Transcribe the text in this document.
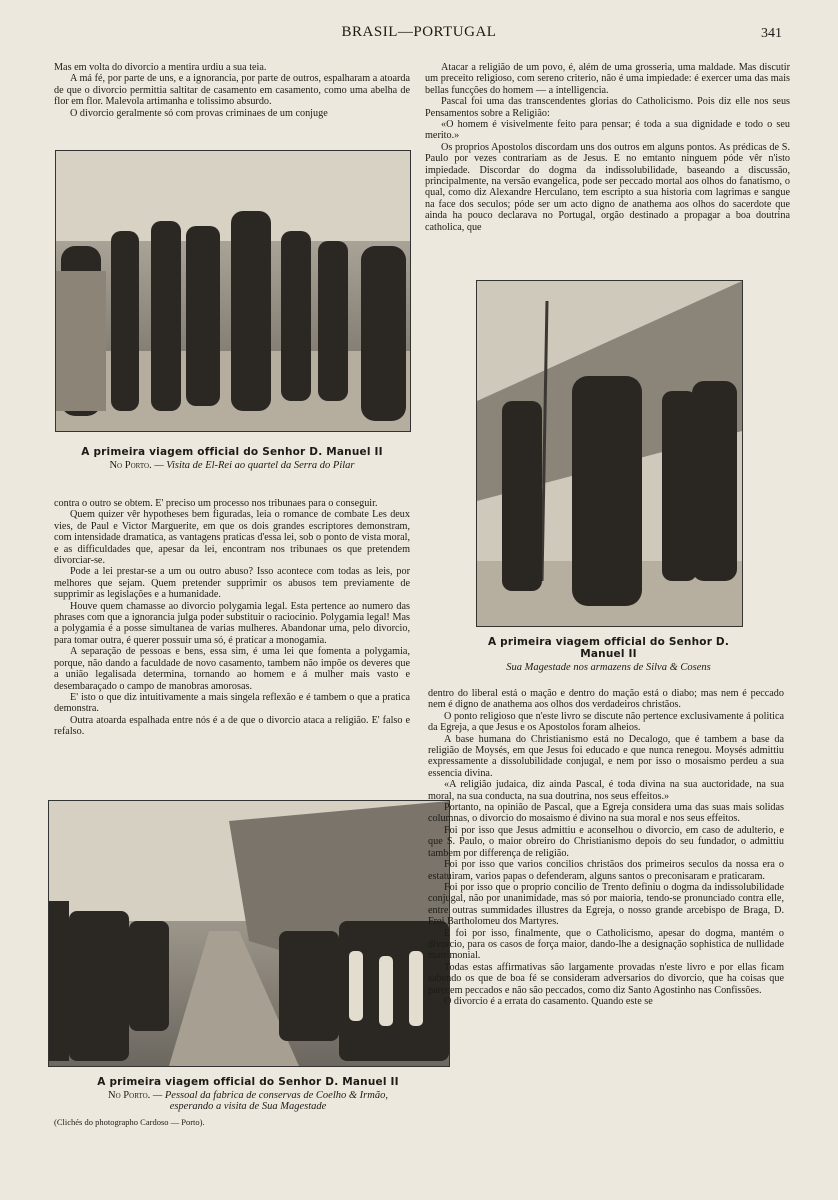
BRASIL—PORTUGAL	341

Mas em volta do divorcio a mentira urdiu a sua teia.

A má fé, por parte de uns, e a ignorancia, por parte de outros, espalharam a atoarda de que o divorcio permittia saltitar de casamento em casamento, como uma abelha de flor em flor. Malevola artimanha e tolissimo absurdo.

O divorcio geralmente só com provas criminaes de um conjuge

A primeira viagem official do Senhor D. Manuel II
No Porto. — Visita de El-Rei ao quartel da Serra do Pilar

contra o outro se obtem. E' preciso um processo nos tribunaes para o conseguir.

Quem quizer vêr hypotheses bem figuradas, leia o romance de combate Les deux vies, de Paul e Victor Marguerite, em que os dois grandes escriptores demonstram, com intensidade dramatica, as vantagens praticas d'essa lei, sob o ponto de vista moral, e as difficuldades que, apesar da lei, encontram nos tribunaes os que pretendem divorciar-se.

Pode a lei prestar-se a um ou outro abuso? Isso acontece com todas as leis, por melhores que sejam. Quem pretender supprimir os abusos tem previamente de supprimir as legislações e a humanidade.

Houve quem chamasse ao divorcio polygamia legal. Esta pertence ao numero das phrases com que a ignorancia julga poder substituir o raciocinio. Polygamia legal! Mas a polygamia é a posse simultanea de varias mulheres. Abandonar uma, pelo divorcio, para tomar outra, é querer possuir uma só, é praticar a monogamia.

A separação de pessoas e bens, essa sim, é uma lei que fomenta a polygamia, porque, não dando a faculdade de novo casamento, tambem não impõe os deveres que a união legalisada determina, tornando ao homem e á mulher mais vasto e desembaraçado o campo de manobras amorosas.

E' isto o que diz intuitivamente a mais singela reflexão e é tambem o que a pratica demonstra.

Outra atoarda espalhada entre nós é a de que o divorcio ataca a religião. E' falso e refalso.

A primeira viagem official do Senhor D. Manuel II
No Porto. — Pessoal da fabrica de conservas de Coelho & Irmão,
esperando a visita de Sua Magestade
(Clichés do photographo Cardoso — Porto).

Atacar a religião de um povo, é, além de uma grosseria, uma maldade. Mas discutir um preceito religioso, com sereno criterio, não é uma impiedade: é exercer uma das mais bellas funcções do homem — a intelligencia.

Pascal foi uma das transcendentes glorias do Catholicismo. Pois diz elle nos seus Pensamentos sobre a Religião:

«O homem é visivelmente feito para pensar; é toda a sua dignidade e todo o seu merito.»

Os proprios Apostolos discordam uns dos outros em alguns pontos. As prédicas de S. Paulo por vezes contrariam as de Jesus. E no emtanto ninguem póde vêr n'isto impiedade. Discordar do dogma da indissolubilidade, baseando a discussão, principalmente, na versão evangelica, pode ser peccado mortal aos olhos do fanatismo, o qual, como diz Alexandre Herculano, tem escripto a sua historia com lagrimas e sangue na face dos seculos; póde ser um acto digno de anathema aos olhos do sacerdote que ainda ha pouco declarava no Portugal, orgão destinado a propagar a boa doutrina catholica, que

A primeira viagem official do Senhor D. Manuel II
Sua Magestade nos armazens de Silva & Cosens

dentro do liberal está o mação e dentro do mação está o diabo; mas nem é peccado nem é digno de anathema aos olhos dos verdadeiros christãos.

O ponto religioso que n'este livro se discute não pertence exclusivamente á politica da Egreja, a que Jesus e os Apostolos foram alheios.

A base humana do Christianismo está no Decalogo, que é tambem a base da religião de Moysés, em que Jesus foi educado e que nunca renegou. Moysés admittiu expressamente a dissolubilidade conjugal, e nem por isso o mosaismo perdeu a sua essencia divina.

«A religião judaica, diz ainda Pascal, é toda divina na sua auctoridade, na sua moral, na sua conducta, na sua doutrina, nos seus effeitos.»

Portanto, na opinião de Pascal, que a Egreja considera uma das suas mais solidas columnas, o divorcio do mosaismo é divino na sua moral e nos seus effeitos.

Foi por isso que Jesus admittiu e aconselhou o divorcio, em caso de adulterio, e que S. Paulo, o maior obreiro do Christianismo depois do seu fundador, o admittiu tambem por differença de religião.

Foi por isso que varios concilios christãos dos primeiros seculos da nossa era o estatuiram, varios papas o defenderam, alguns santos o preconisaram e praticaram.

Foi por isso que o proprio concilio de Trento definiu o dogma da indissolubilidade conjugal, não por unanimidade, mas só por maioria, tendo-se pronunciado contra elle, entre outras summidades illustres da Egreja, o nosso grande arcebispo de Braga, D. Frei Bartholomeu dos Martyres.

E foi por isso, finalmente, que o Catholicismo, apesar do dogma, mantém o divorcio, para os casos de força maior, dando-lhe a designação sophistica de nullidade matrimonial.

Todas estas affirmativas são largamente provadas n'este livro e por ellas ficam sabendo os que de boa fé se consideram adversarios do divorcio, que ha coisas que parecem peccados e não são peccados, como diz Santo Agostinho nas Confissões.

O divorcio é a errata do casamento. Quando este se
